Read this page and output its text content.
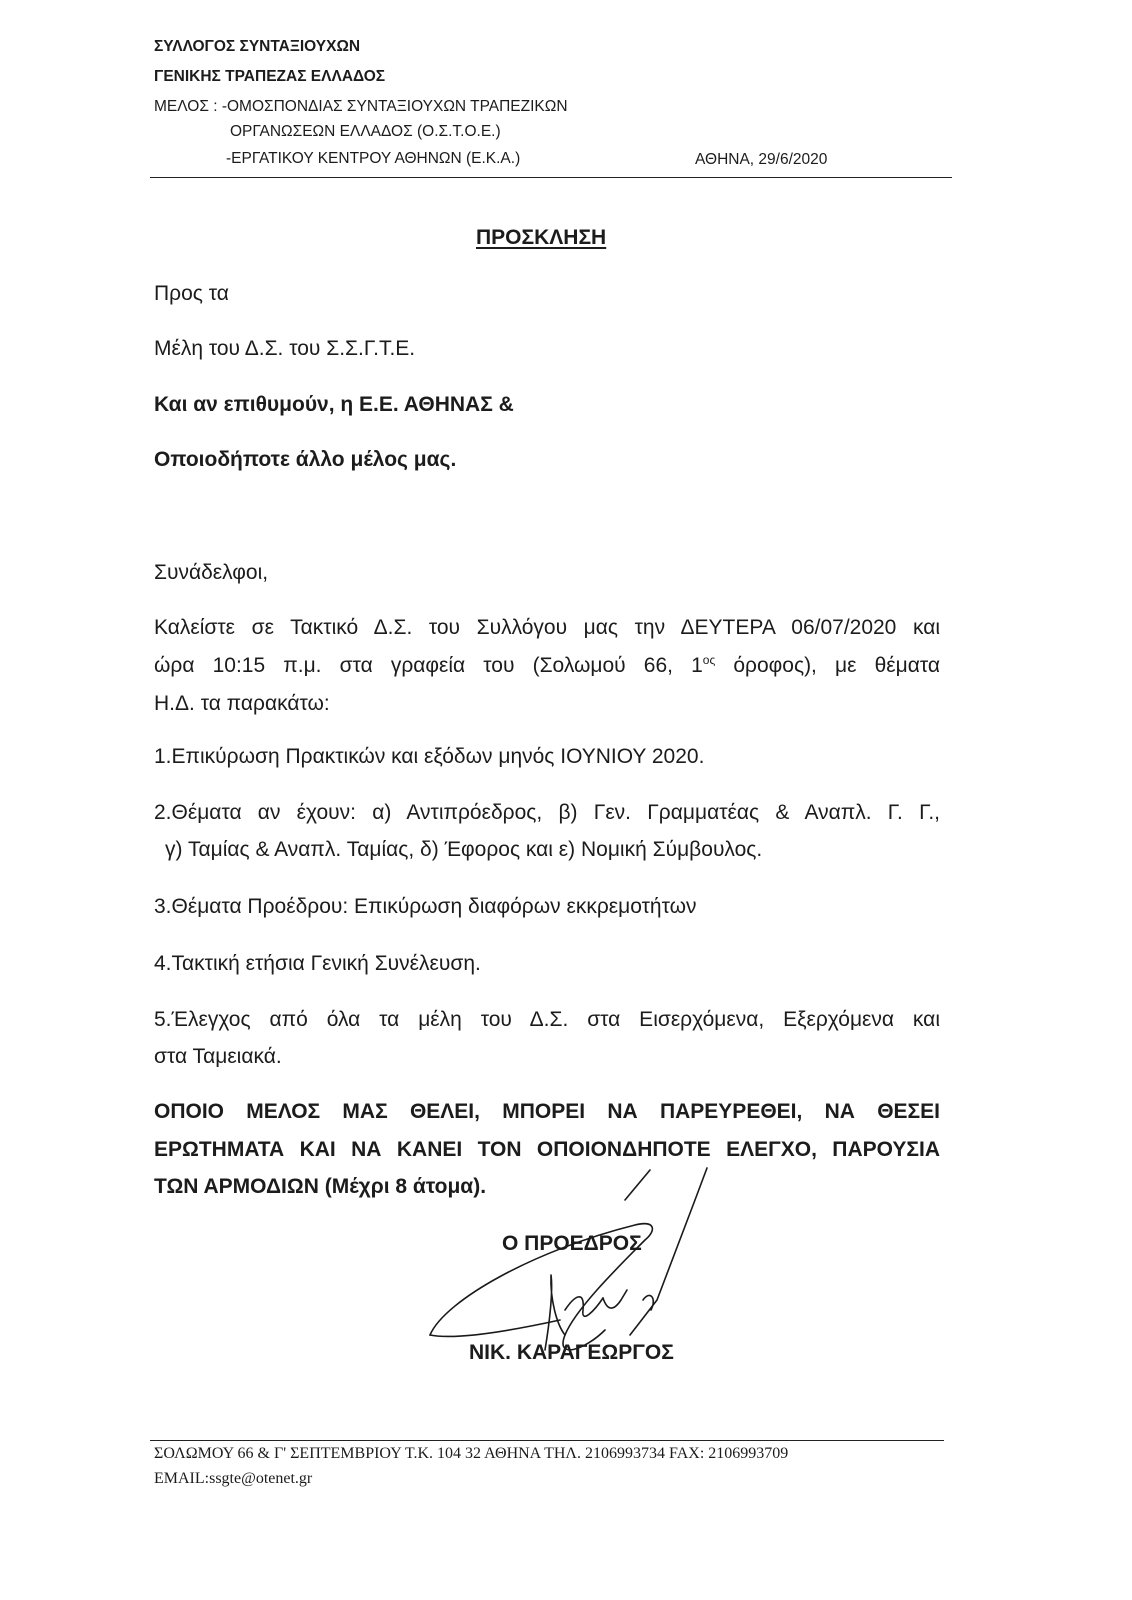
ΣΥΛΛΟΓΟΣ ΣΥΝΤΑΞΙΟΥΧΩΝ
ΓΕΝΙΚΗΣ ΤΡΑΠΕΖΑΣ ΕΛΛΑΔΟΣ
ΜΕΛΟΣ : -ΟΜΟΣΠΟΝΔΙΑΣ ΣΥΝΤΑΞΙΟΥΧΩΝ ΤΡΑΠΕΖΙΚΩΝ
ΟΡΓΑΝΩΣΕΩΝ ΕΛΛΑΔΟΣ (Ο.Σ.Τ.Ο.Ε.)
-ΕΡΓΑΤΙΚΟΥ ΚΕΝΤΡΟΥ ΑΘΗΝΩΝ (Ε.Κ.Α.)	ΑΘΗΝΑ, 29/6/2020
ΠΡΟΣΚΛΗΣΗ
Προς τα
Μέλη του Δ.Σ. του Σ.Σ.Γ.Τ.Ε.
Και αν επιθυμούν, η Ε.Ε. ΑΘΗΝΑΣ &
Οποιοδήποτε άλλο μέλος μας.
Συνάδελφοι,
Καλείστε σε Τακτικό Δ.Σ. του Συλλόγου μας την ΔΕΥΤΕΡΑ 06/07/2020 και
ώρα 10:15 π.μ. στα γραφεία του (Σολωμού 66, $1^{o\varsigma}$ όροφος), με θέματα
Η.Δ. τα παρακάτω:
1.Επικύρωση Πρακτικών και εξόδων μηνός ΙΟΥΝΙΟΥ 2020.
2.Θέματα αν έχουν: α) Αντιπρόεδρος, β) Γεν. Γραμματέας & Αναπλ. Γ. Γ.,
γ) Ταμίας & Αναπλ. Ταμίας, δ) Έφορος και ε) Νομική Σύμβουλος.
3.Θέματα Προέδρου: Επικύρωση διαφόρων εκκρεμοτήτων
4.Τακτική ετήσια Γενική Συνέλευση.
5.Έλεγχος από όλα τα μέλη του Δ.Σ. στα Εισερχόμενα, Εξερχόμενα και
στα Ταμειακά.
ΟΠΟΙΟ ΜΕΛΟΣ ΜΑΣ ΘΕΛΕΙ, ΜΠΟΡΕΙ ΝΑ ΠΑΡΕΥΡΕΘΕΙ, ΝΑ ΘΕΣΕΙ
ΕΡΩΤΗΜΑΤΑ ΚΑΙ ΝΑ ΚΑΝΕΙ ΤΟΝ ΟΠΟΙΟΝΔΗΠΟΤΕ ΕΛΕΓΧΟ, ΠΑΡΟΥΣΙΑ
ΤΩΝ ΑΡΜΟΔΙΩΝ (Μέχρι 8 άτομα).
Ο ΠΡΟΕΔΡΟΣ
ΝΙΚ. ΚΑΡΑΓΕΩΡΓΟΣ
ΣΟΛΩΜΟΥ 66 & Γ' ΣΕΠΤΕΜΒΡΙΟΥ Τ.Κ. 104 32 ΑΘΗΝΑ ΤΗΛ. 2106993734 FAX: 2106993709
EMAIL:ssgte@otenet.gr
